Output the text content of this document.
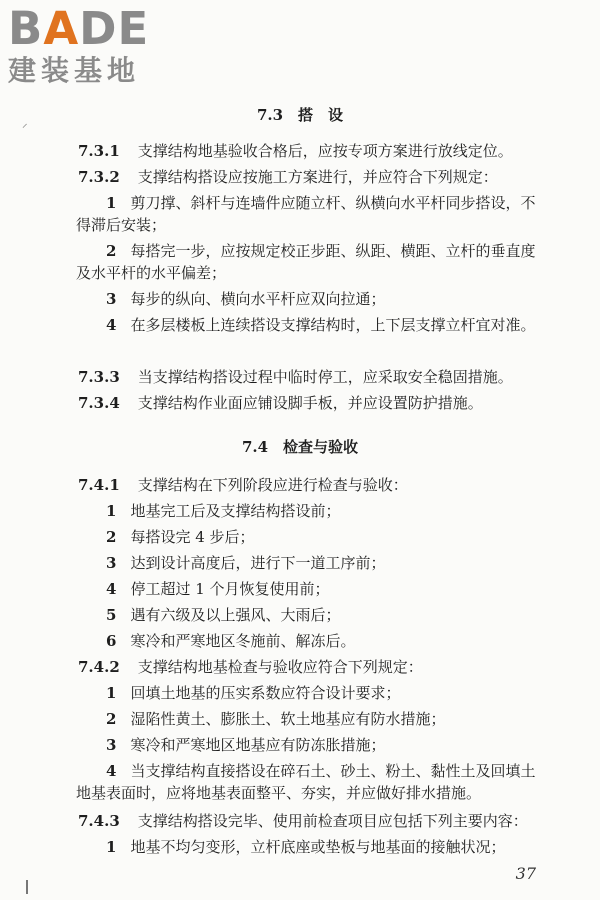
BADE
建装基地
⸝	7.3　搭　设

7.3.1 支撑结构地基验收合格后，应按专项方案进行放线定位。

7.3.2 支撑结构搭设应按施工方案进行，并应符合下列规定：

1 剪刀撑、斜杆与连墙件应随立杆、纵横向水平杆同步搭设，不得滞后安装；

2 每搭完一步，应按规定校正步距、纵距、横距、立杆的垂直度及水平杆的水平偏差；

3 每步的纵向、横向水平杆应双向拉通；

4 在多层楼板上连续搭设支撑结构时，上下层支撑立杆宜对准。

7.3.3 当支撑结构搭设过程中临时停工，应采取安全稳固措施。

7.3.4 支撑结构作业面应铺设脚手板，并应设置防护措施。

7.4　检查与验收

7.4.1 支撑结构在下列阶段应进行检查与验收：

1 地基完工后及支撑结构搭设前；

2 每搭设完 4 步后；

3 达到设计高度后，进行下一道工序前；

4 停工超过 1 个月恢复使用前；

5 遇有六级及以上强风、大雨后；

6 寒冷和严寒地区冬施前、解冻后。

7.4.2 支撑结构地基检查与验收应符合下列规定：

1 回填土地基的压实系数应符合设计要求；

2 湿陷性黄土、膨胀土、软土地基应有防水措施；

3 寒冷和严寒地区地基应有防冻胀措施；

4 当支撑结构直接搭设在碎石土、砂土、粉土、黏性土及回填土地基表面时，应将地基表面整平、夯实，并应做好排水措施。

7.4.3 支撑结构搭设完毕、使用前检查项目应包括下列主要内容：

1 地基不均匀变形，立杆底座或垫板与地基面的接触状况；

37
